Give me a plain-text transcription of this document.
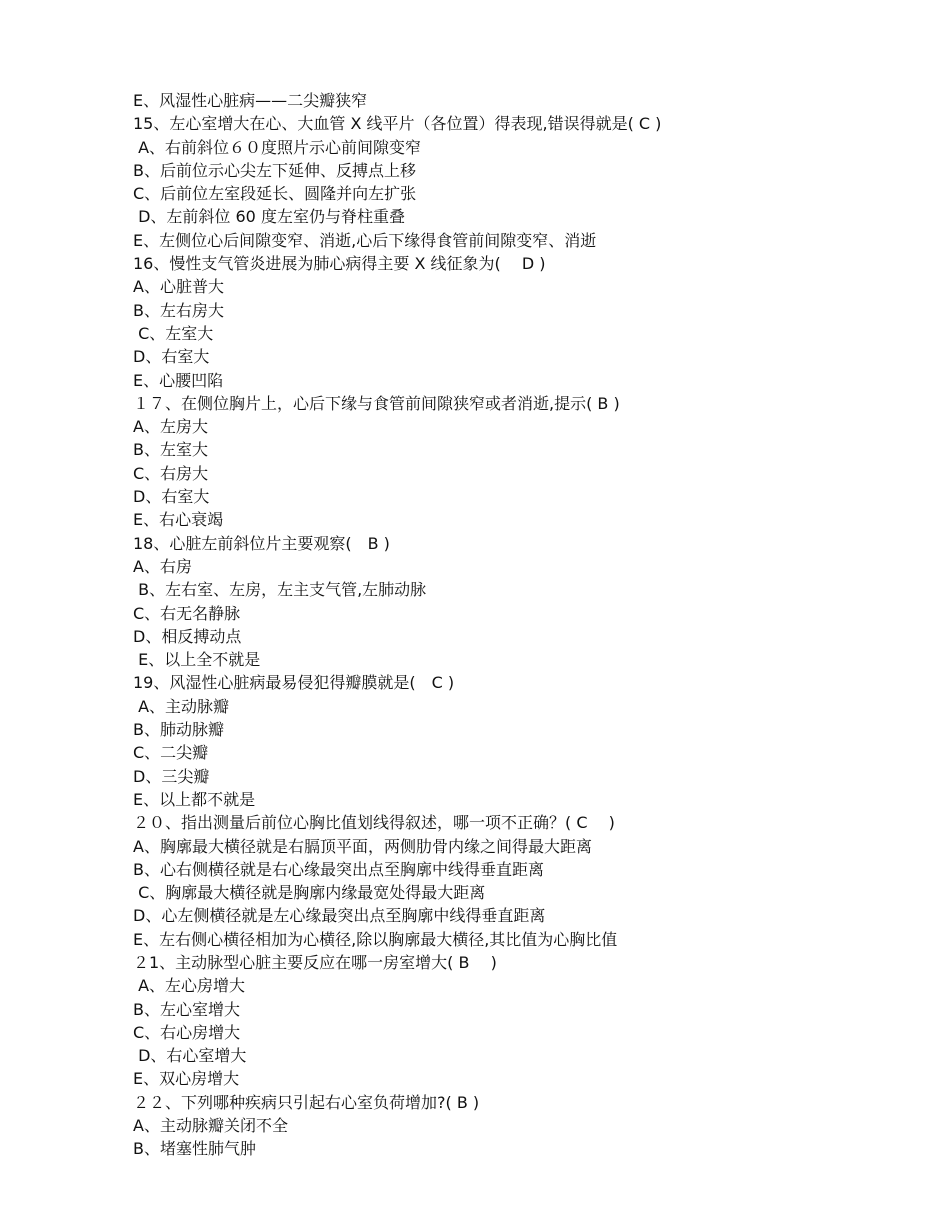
E、风湿性心脏病——二尖瓣狭窄
15、左心室增大在心、大血管 X 线平片（各位置）得表现,错误得就是( C )
A、右前斜位６０度照片示心前间隙变窄
B、后前位示心尖左下延伸、反搏点上移
C、后前位左室段延长、圆隆并向左扩张
D、左前斜位 60 度左室仍与脊柱重叠
E、左侧位心后间隙变窄、消逝,心后下缘得食管前间隙变窄、消逝
16、慢性支气管炎进展为肺心病得主要 X 线征象为(　 D )
A、心脏普大
B、左右房大
C、左室大
D、右室大
E、心腰凹陷
１７、在侧位胸片上，心后下缘与食管前间隙狭窄或者消逝,提示( B )
A、左房大
B、左室大
C、右房大
D、右室大
E、右心衰竭
18、心脏左前斜位片主要观察(　B )
A、右房
B、左右室、左房，左主支气管,左肺动脉
C、右无名静脉
D、相反搏动点
E、以上全不就是
19、风湿性心脏病最易侵犯得瓣膜就是(　C )
A、主动脉瓣
B、肺动脉瓣
C、二尖瓣
D、三尖瓣
E、以上都不就是
２０、指出测量后前位心胸比值划线得叙述，哪一项不正确？( C 　)
A、胸廓最大横径就是右膈顶平面，两侧肋骨内缘之间得最大距离
B、心右侧横径就是右心缘最突出点至胸廓中线得垂直距离
C、胸廓最大横径就是胸廓内缘最宽处得最大距离
D、心左侧横径就是左心缘最突出点至胸廓中线得垂直距离
E、左右侧心横径相加为心横径,除以胸廓最大横径,其比值为心胸比值
２1、主动脉型心脏主要反应在哪一房室增大( B 　)
A、左心房增大
B、左心室增大
C、右心房增大
D、右心室增大
E、双心房增大
２２、下列哪种疾病只引起右心室负荷增加?( B )
A、主动脉瓣关闭不全
B、堵塞性肺气肿
